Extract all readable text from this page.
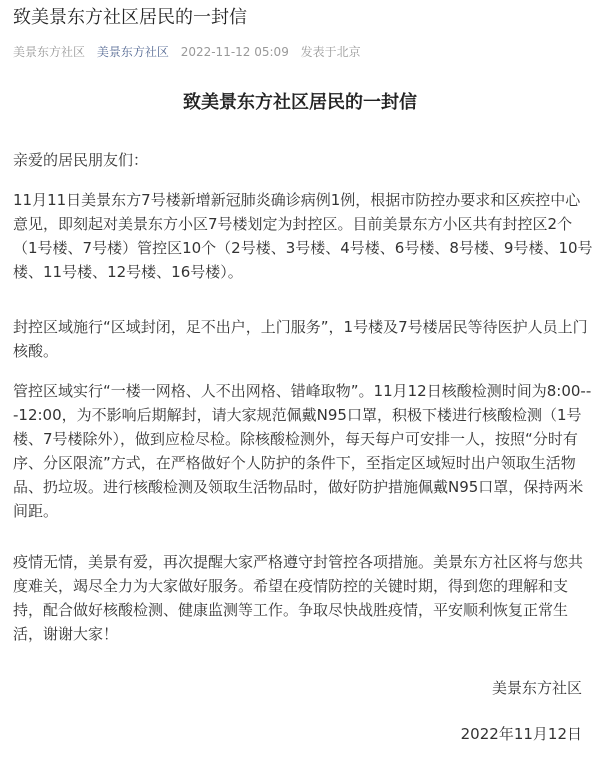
致美景东方社区居民的一封信
美景东方社区 美景东方社区 2022-11-12 05:09 发表于北京
致美景东方社区居民的一封信

亲爱的居民朋友们：

11月11日美景东方7号楼新增新冠肺炎确诊病例1例，根据市防控办要求和区疾控中心意见，即刻起对美景东方小区7号楼划定为封控区。目前美景东方小区共有封控区2个（1号楼、7号楼）管控区10个（2号楼、3号楼、4号楼、6号楼、8号楼、9号楼、10号楼、11号楼、12号楼、16号楼）。

封控区域施行“区域封闭，足不出户，上门服务”，1号楼及7号楼居民等待医护人员上门核酸。

管控区域实行“一楼一网格、人不出网格、错峰取物”。11月12日核酸检测时间为8:00---12:00，为不影响后期解封，请大家规范佩戴N95口罩，积极下楼进行核酸检测（1号楼、7号楼除外），做到应检尽检。除核酸检测外，每天每户可安排一人，按照“分时有序、分区限流”方式，在严格做好个人防护的条件下，至指定区域短时出户领取生活物品、扔垃圾。进行核酸检测及领取生活物品时，做好防护措施佩戴N95口罩，保持两米间距。

疫情无情，美景有爱，再次提醒大家严格遵守封管控各项措施。美景东方社区将与您共度难关，竭尽全力为大家做好服务。希望在疫情防控的关键时期，得到您的理解和支持，配合做好核酸检测、健康监测等工作。争取尽快战胜疫情，平安顺利恢复正常生活，谢谢大家！

美景东方社区
2022年11月12日
